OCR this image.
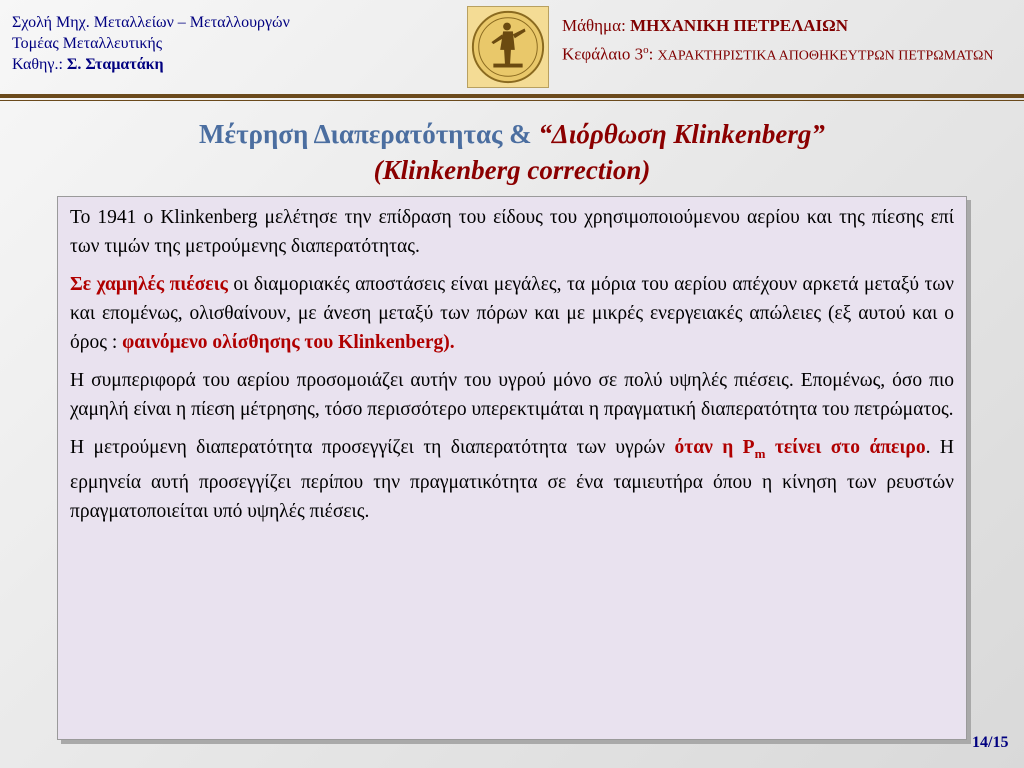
Σχολή Μηχ. Μεταλλείων – Μεταλλουργών
Τομέας Μεταλλευτικής
Καθηγ.: Σ. Σταματάκη
Μάθημα: ΜΗΧΑΝΙΚΗ ΠΕΤΡΕΛΑΙΩΝ
Κεφάλαιο $3^o$: ΧΑΡΑΚΤΗΡΙΣΤΙΚΑ ΑΠΟΘΗΚΕΥΤΡΩΝ ΠΕΤΡΩΜΑΤΩΝ
Μέτρηση Διαπερατότητας & “Διόρθωση Klinkenberg”
(Klinkenberg correction)

Το 1941 ο Klinkenberg μελέτησε την επίδραση του είδους του χρησιμοποιούμενου αερίου και της πίεσης επί των τιμών της μετρούμενης διαπερατότητας.

Σε χαμηλές πιέσεις οι διαμοριακές αποστάσεις είναι μεγάλες, τα μόρια του αερίου απέχουν αρκετά μεταξύ των και επομένως, ολισθαίνουν, με άνεση μεταξύ των πόρων και με μικρές ενεργειακές απώλειες (εξ αυτού και ο όρος : φαινόμενο ολίσθησης του Klinkenberg).

Η συμπεριφορά του αερίου προσομοιάζει αυτήν του υγρού μόνο σε πολύ υψηλές πιέσεις. Επομένως, όσο πιο χαμηλή είναι η πίεση μέτρησης, τόσο περισσότερο υπερεκτιμάται η πραγματική διαπερατότητα του πετρώματος.

Η μετρούμενη διαπερατότητα προσεγγίζει τη διαπερατότητα των υγρών όταν η $P_m$ τείνει στο άπειρο. Η ερμηνεία αυτή προσεγγίζει περίπου την πραγματικότητα σε ένα ταμιευτήρα όπου η κίνηση των ρευστών πραγματοποιείται υπό υψηλές πιέσεις.

14/15
